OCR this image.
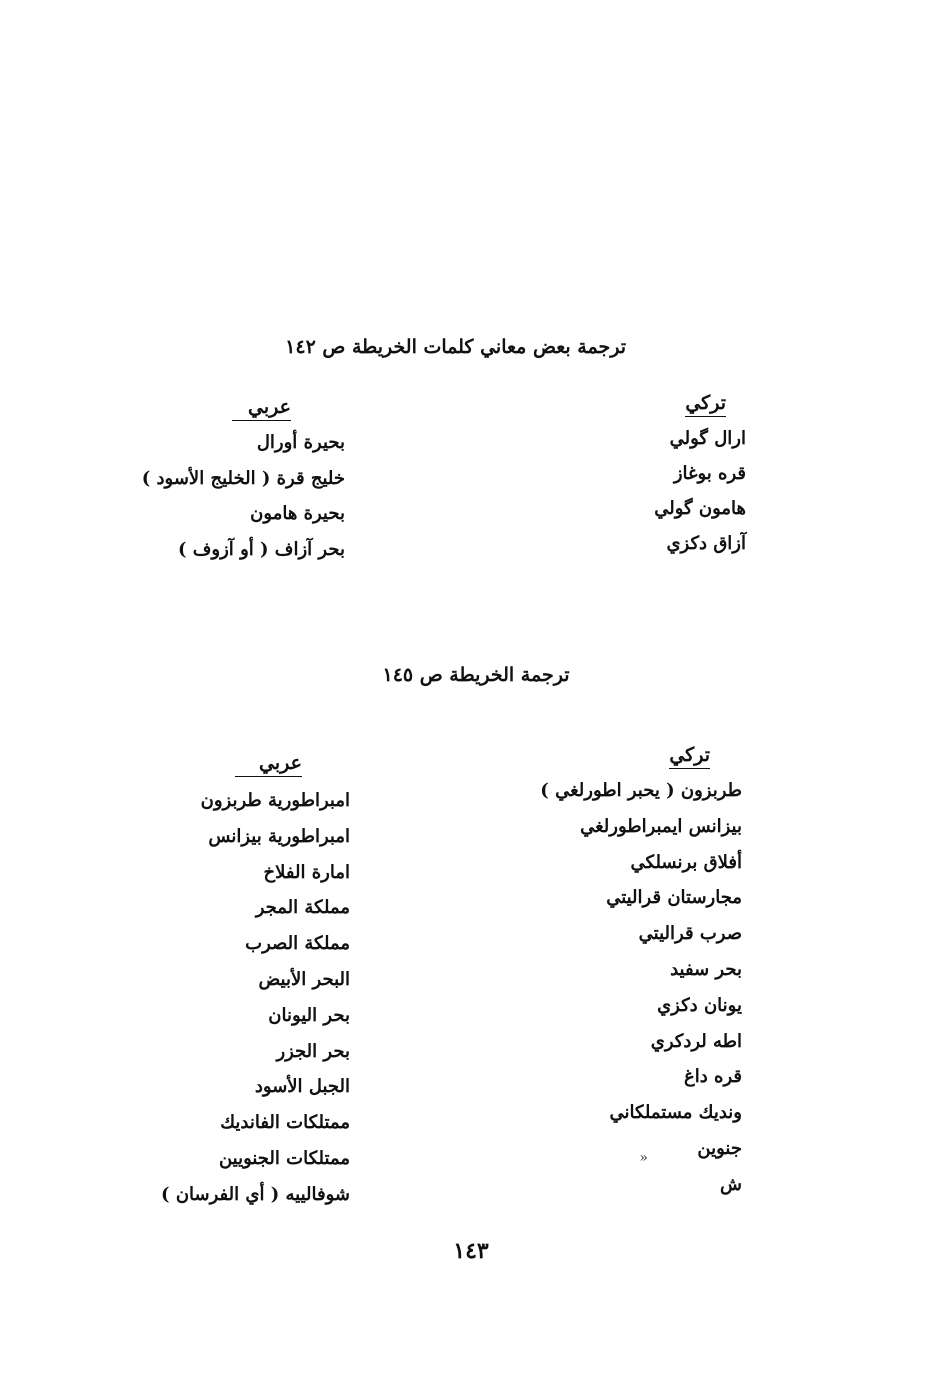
ترجمة بعض معاني كلمات الخريطة ص ١٤٢
تركي
ارال گولي
قره بوغاز
هامون گولي
آزاق دكزي
عربي
بحيرة أورال
خليج قرة ( الخليج الأسود )
بحيرة هامون
بحر آزاف ( أو آزوف )
ترجمة الخريطة ص ١٤٥
تركي
طربزون ( يحبر اطورلغي )
بيزانس ايمبراطورلغي
أفلاق برنسلكي
مجارستان قراليتي
صرب قراليتي
بحر سفيد
يونان دكزي
اطه لردكري
قره داغ
ونديك مستملكاني
جنوين
ش
«
عربي
امبراطورية طربزون
امبراطورية بيزانس
امارة الفلاخ
مملكة المجر
مملكة الصرب
البحر الأبيض
بحر اليونان
بحر الجزر
الجبل الأسود
ممتلكات الفانديك
ممتلكات الجنويين
شوفالييه ( أي الفرسان )
١٤٣
